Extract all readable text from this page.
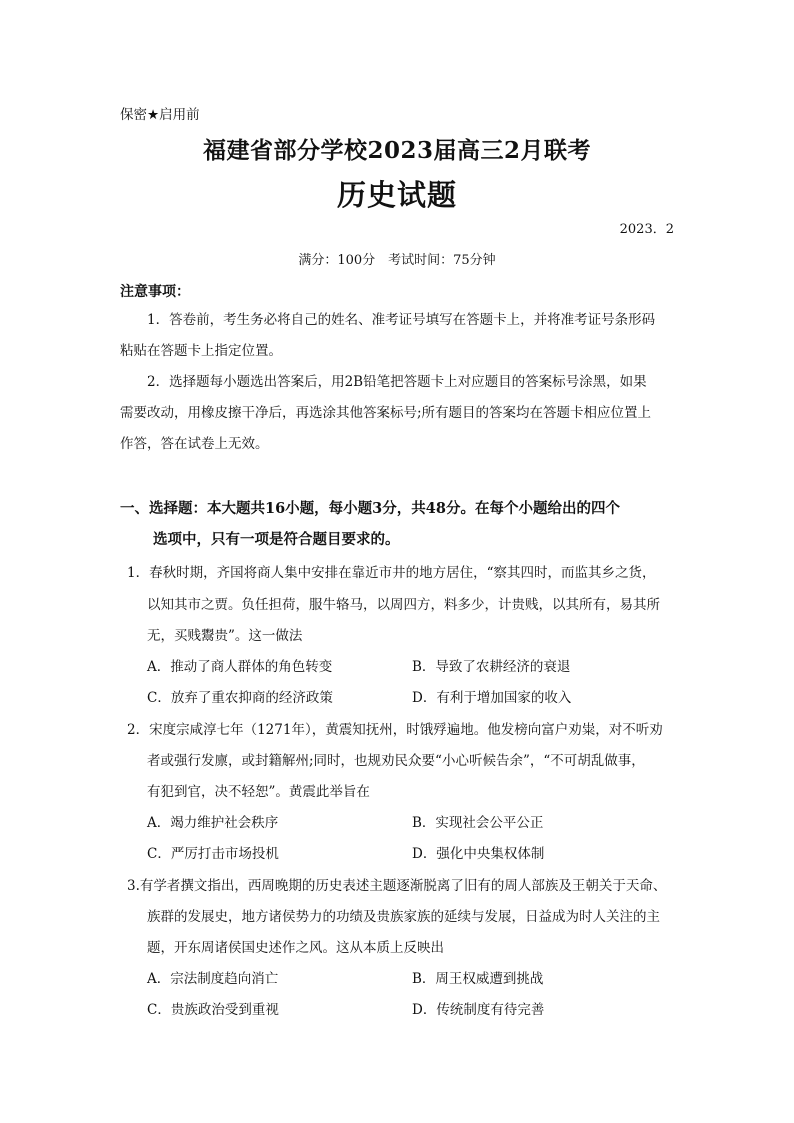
保密★启用前
福建省部分学校2023届高三2月联考
历史试题
2023．2
满分：100分　考试时间：75分钟
注意事项：
1．答卷前，考生务必将自己的姓名、准考证号填写在答题卡上，并将准考证号条形码
粘贴在答题卡上指定位置。
2．选择题每小题选出答案后，用2B铅笔把答题卡上对应题目的答案标号涂黑，如果
需要改动，用橡皮擦干净后，再选涂其他答案标号;所有题目的答案均在答题卡相应位置上
作答，答在试卷上无效。
一、选择题：本大题共16小题，每小题3分，共48分。在每个小题给出的四个
选项中，只有一项是符合题目要求的。
1．春秋时期，齐国将商人集中安排在靠近市井的地方居住，“察其四时，而监其乡之货，
以知其市之贾。负任担荷，服牛辂马，以周四方，料多少，计贵贱，以其所有，易其所
无，买贱鬻贵”。这一做法
A．推动了商人群体的角色转变	B．导致了农耕经济的衰退
C．放弃了重农抑商的经济政策	D．有利于增加国家的收入
2．宋度宗咸淳七年（1271年），黄震知抚州，时饿殍遍地。他发榜向富户劝粜，对不听劝
者或强行发廪，或封籍解州;同时，也规劝民众要“小心听候告余”，“不可胡乱做事，
有犯到官，决不轻恕”。黄震此举旨在
A．竭力维护社会秩序	B．实现社会公平公正
C．严厉打击市场投机	D．强化中央集权体制
3.有学者撰文指出，西周晚期的历史表述主题逐渐脱离了旧有的周人部族及王朝关于天命、
族群的发展史，地方诸侯势力的功绩及贵族家族的延续与发展，日益成为时人关注的主
题，开东周诸侯国史述作之风。这从本质上反映出
A．宗法制度趋向消亡	B．周王权威遭到挑战
C．贵族政治受到重视	D．传统制度有待完善
